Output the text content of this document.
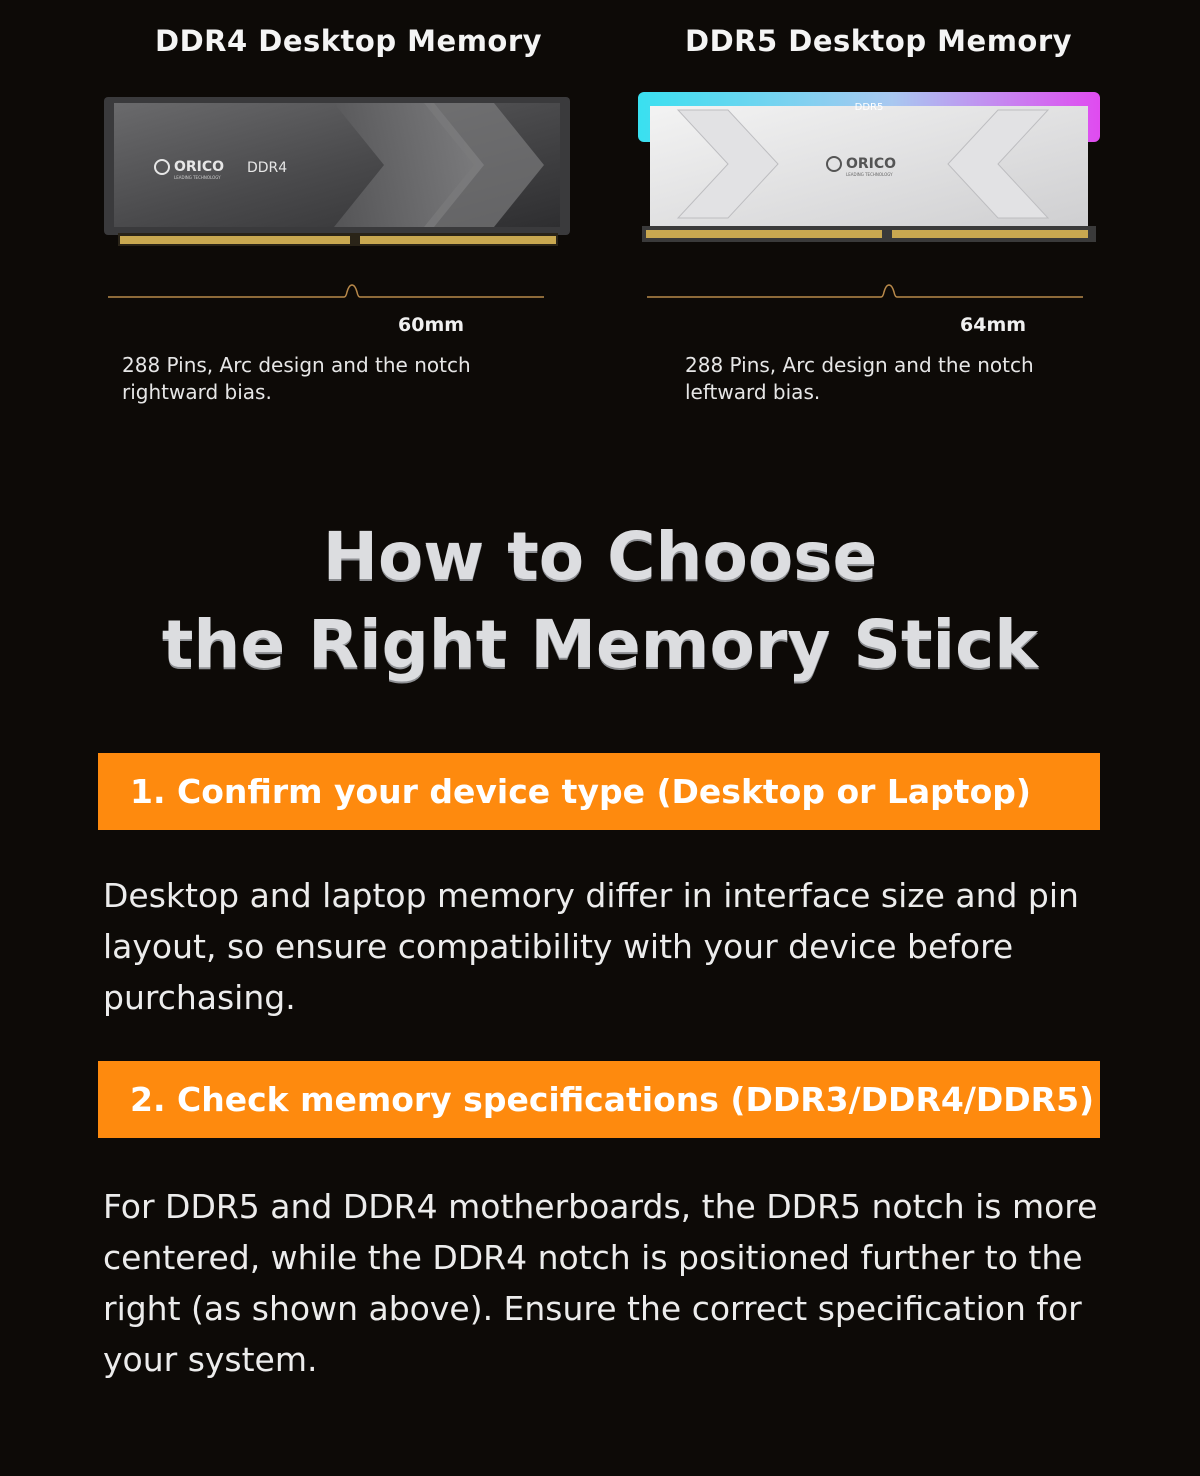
DDR4 Desktop Memory
ORICO
LEADING TECHNOLOGY
DDR4
60mm
288 Pins, Arc design and the notch
rightward bias.
DDR5 Desktop Memory
DDR5
ORICO
LEADING TECHNOLOGY
64mm
288 Pins, Arc design and the notch
leftward bias.
How to Choose
the Right Memory Stick
1. Confirm your device type (Desktop or Laptop)
Desktop and laptop memory differ in interface size and pin layout, so ensure compatibility with your device before purchasing.
2. Check memory specifications (DDR3/DDR4/DDR5)
For DDR5 and DDR4 motherboards, the DDR5 notch is more centered, while the DDR4 notch is positioned further to the right (as shown above). Ensure the correct specification for your system.
